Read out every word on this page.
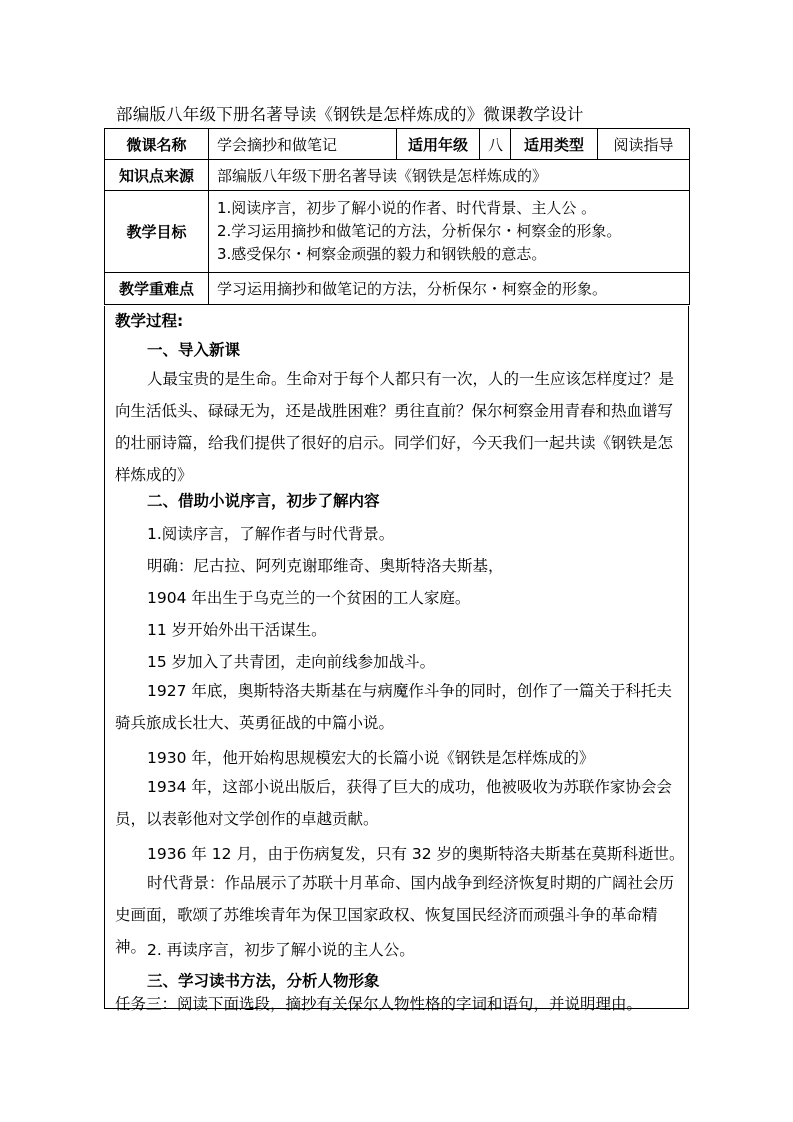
部编版八年级下册名著导读《钢铁是怎样炼成的》微课教学设计
微课名称	学会摘抄和做笔记	适用年级	八	适用类型	阅读指导
知识点来源	部编版八年级下册名著导读《钢铁是怎样炼成的》				
教学目标	1.阅读序言，初步了解小说的作者、时代背景、主人公 。
2.学习运用摘抄和做笔记的方法，分析保尔・柯察金的形象。
3.感受保尔・柯察金顽强的毅力和钢铁般的意志。				

教学重难点	学习运用摘抄和做笔记的方法，分析保尔・柯察金的形象。				
教学过程:
一、导入新课
人最宝贵的是生命。生命对于每个人都只有一次，人的一生应该怎样度过？是向生活低头、碌碌无为，还是战胜困难？勇往直前？保尔柯察金用青春和热血谱写的壮丽诗篇，给我们提供了很好的启示。同学们好，今天我们一起共读《钢铁是怎样炼成的》
二、借助小说序言，初步了解内容
1.阅读序言，了解作者与时代背景。
明确：尼古拉、阿列克谢耶维奇、奥斯特洛夫斯基，
1904 年出生于乌克兰的一个贫困的工人家庭。
11 岁开始外出干活谋生。
15 岁加入了共青团，走向前线参加战斗。
1927 年底，奥斯特洛夫斯基在与病魔作斗争的同时，创作了一篇关于科托夫骑兵旅成长壮大、英勇征战的中篇小说。
1930 年，他开始构思规模宏大的长篇小说《钢铁是怎样炼成的》
1934 年，这部小说出版后，获得了巨大的成功，他被吸收为苏联作家协会会员，以表彰他对文学创作的卓越贡献。
1936 年 12 月，由于伤病复发，只有 32 岁的奥斯特洛夫斯基在莫斯科逝世。
时代背景：作品展示了苏联十月革命、国内战争到经济恢复时期的广阔社会历史画面，歌颂了苏维埃青年为保卫国家政权、恢复国民经济而顽强斗争的革命精神。 2. 再读序言，初步了解小说的主人公。
三、学习读书方法，分析人物形象
任务三：阅读下面选段，摘抄有关保尔人物性格的字词和语句，并说明理由。
